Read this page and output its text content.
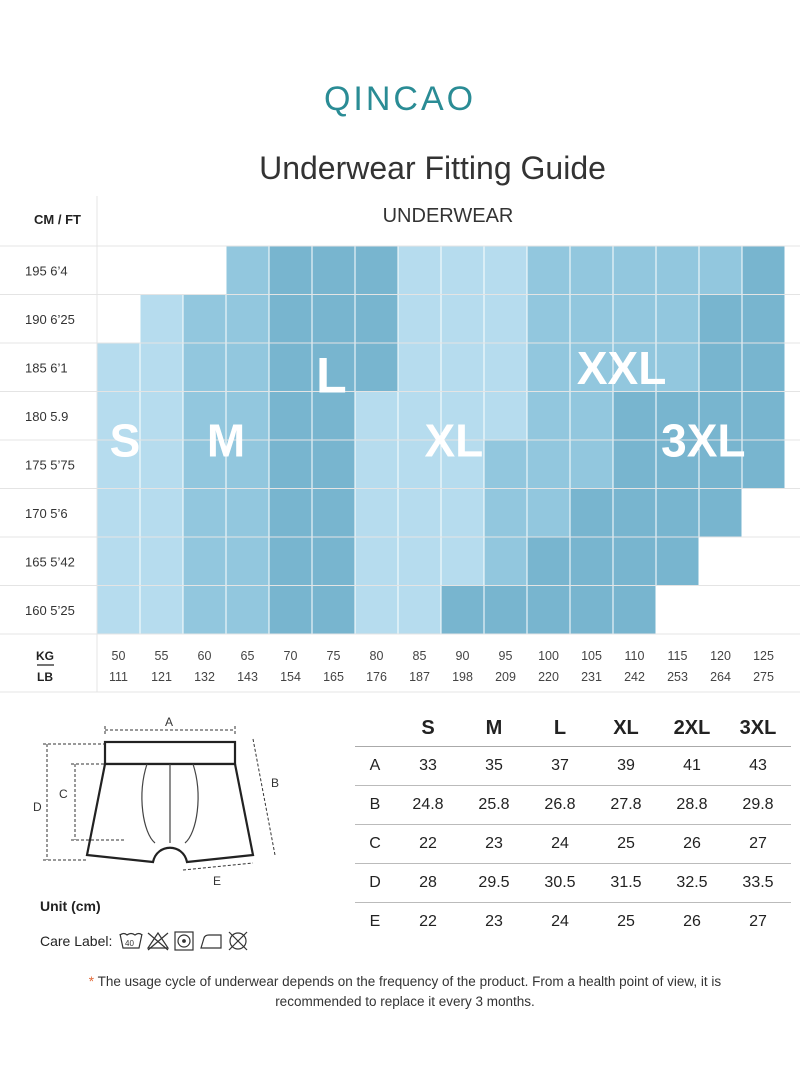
QINCAO
Underwear Fitting Guide
CM / FT	UNDERWEAR
195 6’4
190 6’25
185 6’1
180 5.9
175 5’75
170 5’6
165 5’42
160 5’25
KG
LB
50 55 60 65 70 75 80 85 90 95 100 105 110 115 120 125
111 121 132 143 154 165 176 187 198 209 220 231 242 253 264 275
S M
L
XL
XXL
3XL
A
B
C
D
E
Unit (cm)
Care Label: 40
	S	M	L	XL	2XL	3XL
A	33	35	37	39	41	43
B	24.8	25.8	26.8	27.8	28.8	29.8
C	22	23	24	25	26	27
D	28	29.5	30.5	31.5	32.5	33.5
E	22	23	24	25	26	27
* The usage cycle of underwear depends on the frequency of the product. From a health point of view, it is recommended to replace it every 3 months.
